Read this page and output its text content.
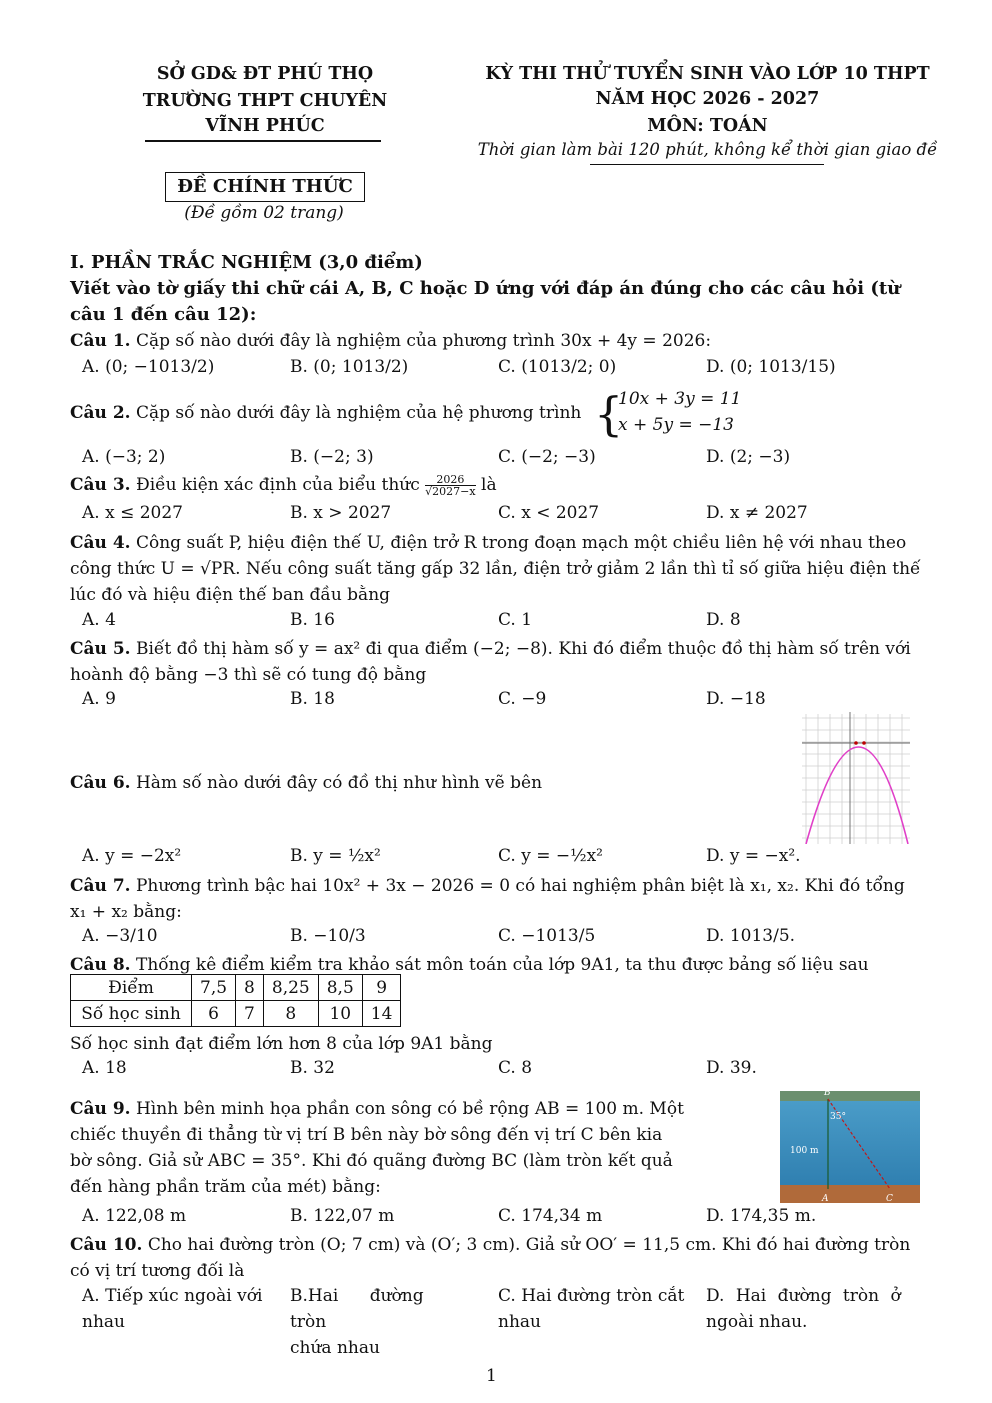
SỞ GD& ĐT PHÚ THỌ
TRƯỜNG THPT CHUYÊN
VĨNH PHÚC
KỲ THI THỬ TUYỂN SINH VÀO LỚP 10 THPT
NĂM HỌC 2026 - 2027
MÔN: TOÁN
Thời gian làm bài 120 phút, không kể thời gian giao đề
ĐỀ CHÍNH THỨC
(Đề gồm 02 trang)
I. PHẦN TRẮC NGHIỆM (3,0 điểm)
Viết vào tờ giấy thi chữ cái A, B, C hoặc D ứng với đáp án đúng cho các câu hỏi (từ câu 1 đến câu 12):
Câu 1. Cặp số nào dưới đây là nghiệm của phương trình 30x + 4y = 2026:
A. (0; −1013/2)	B. (0; 1013/2)	C. (1013/2; 0)	D. (0; 1013/15)
Câu 2. Cặp số nào dưới đây là nghiệm của hệ phương trình {
10x + 3y = 11
x + 5y = −13
A. (−3; 2)	B. (−2; 3)	C. (−2; −3)	D. (2; −3)
Câu 3. Điều kiện xác định của biểu thức $\frac{2026}{√2027-x}$ là
A. x ≤ 2027	B. x > 2027	C. x < 2027	D. x ≠ 2027
Câu 4. Công suất P, hiệu điện thế U, điện trở R trong đoạn mạch một chiều liên hệ với nhau theo
công thức U = √PR. Nếu công suất tăng gấp 32 lần, điện trở giảm 2 lần thì tỉ số giữa hiệu điện thế
lúc đó và hiệu điện thế ban đầu bằng
A. 4	B. 16	C. 1	D. 8
Câu 5. Biết đồ thị hàm số y = ax² đi qua điểm (−2; −8). Khi đó điểm thuộc đồ thị hàm số trên với
hoành độ bằng −3 thì sẽ có tung độ bằng
A. 9	B. 18	C. −9	D. −18
Câu 6. Hàm số nào dưới đây có đồ thị như hình vẽ bên
A. y = −2x²	B. y = ½x²	C. y = −½x²	D. y = −x².
Câu 7. Phương trình bậc hai 10x² + 3x − 2026 = 0 có hai nghiệm phân biệt là x₁, x₂. Khi đó tổng
x₁ + x₂ bằng:
A. −3/10	B. −10/3	C. −1013/5	D. 1013/5.
Câu 8. Thống kê điểm kiểm tra khảo sát môn toán của lớp 9A1, ta thu được bảng số liệu sau
Điểm	7,5	8	8,25	8,5	9
Số học sinh	6	7	8	10	14
Số học sinh đạt điểm lớn hơn 8 của lớp 9A1 bằng
A. 18	B. 32	C. 8	D. 39.
Câu 9. Hình bên minh họa phần con sông có bề rộng AB = 100 m. Một
chiếc thuyền đi thẳng từ vị trí B bên này bờ sông đến vị trí C bên kia
bờ sông. Giả sử ABC = 35°. Khi đó quãng đường BC (làm tròn kết quả
đến hàng phần trăm của mét) bằng:
B
A	C
100 m
35°
A. 122,08 m	B. 122,07 m	C. 174,34 m	D. 174,35 m.
Câu 10. Cho hai đường tròn (O; 7 cm) và (O′; 3 cm). Giả sử OO′ = 11,5 cm. Khi đó hai đường tròn
có vị trí tương đối là
A. Tiếp xúc ngoài với
nhau
B.Hai đường tròn
chứa nhau
C. Hai đường tròn cắt
nhau
D. Hai đường tròn ở
ngoài nhau.
1
